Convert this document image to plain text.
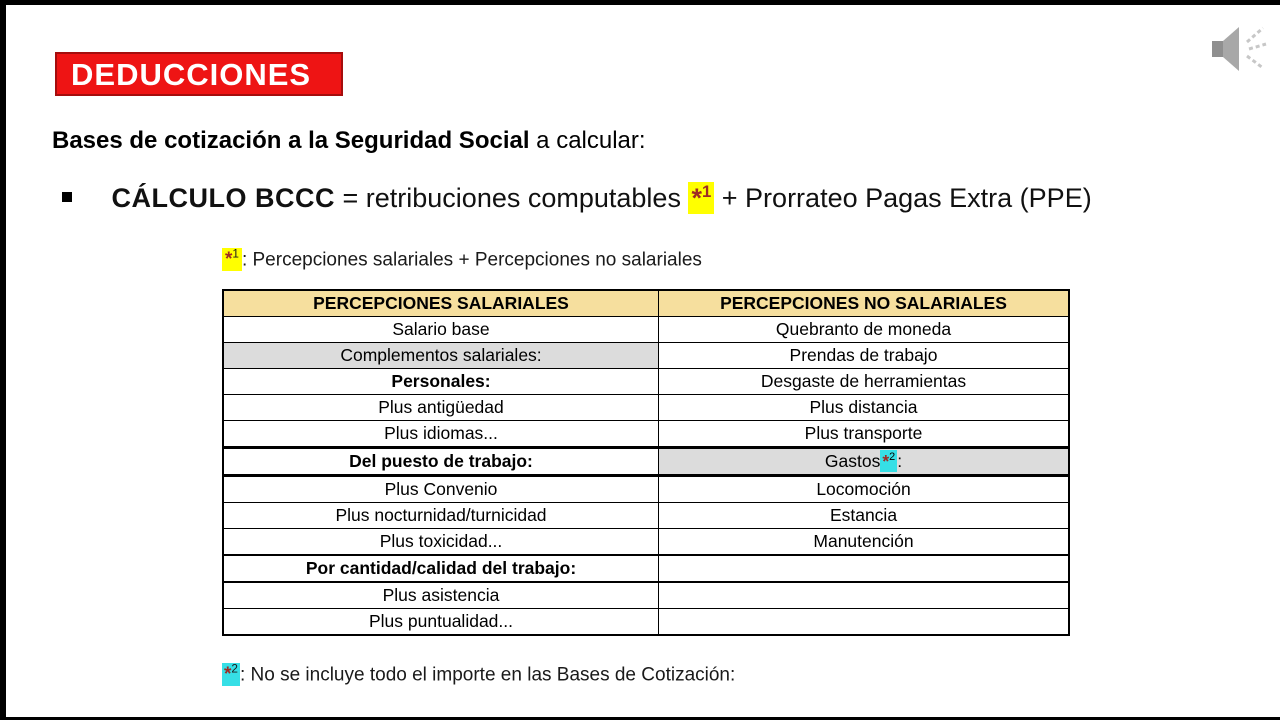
DEDUCCIONES
Bases de cotización a la Seguridad Social a calcular:
CÁLCULO BCCC = retribuciones computables *$^1$ + Prorrateo Pagas Extra (PPE)
*$^1$ : Percepciones salariales + Percepciones no salariales
PERCEPCIONES SALARIALES	PERCEPCIONES NO SALARIALES
Salario base	Quebranto de moneda
Complementos salariales:	Prendas de trabajo
Personales:	Desgaste de herramientas
Plus antigüedad	Plus distancia
Plus idiomas...	Plus transporte
Del puesto de trabajo:	Gastos *$^2$ :
Plus Convenio	Locomoción
Plus nocturnidad/turnicidad	Estancia
Plus toxicidad...	Manutención
Por cantidad/calidad del trabajo:	
Plus asistencia	
Plus puntualidad...	
*$^2$ : No se incluye todo el importe en las Bases de Cotización:
